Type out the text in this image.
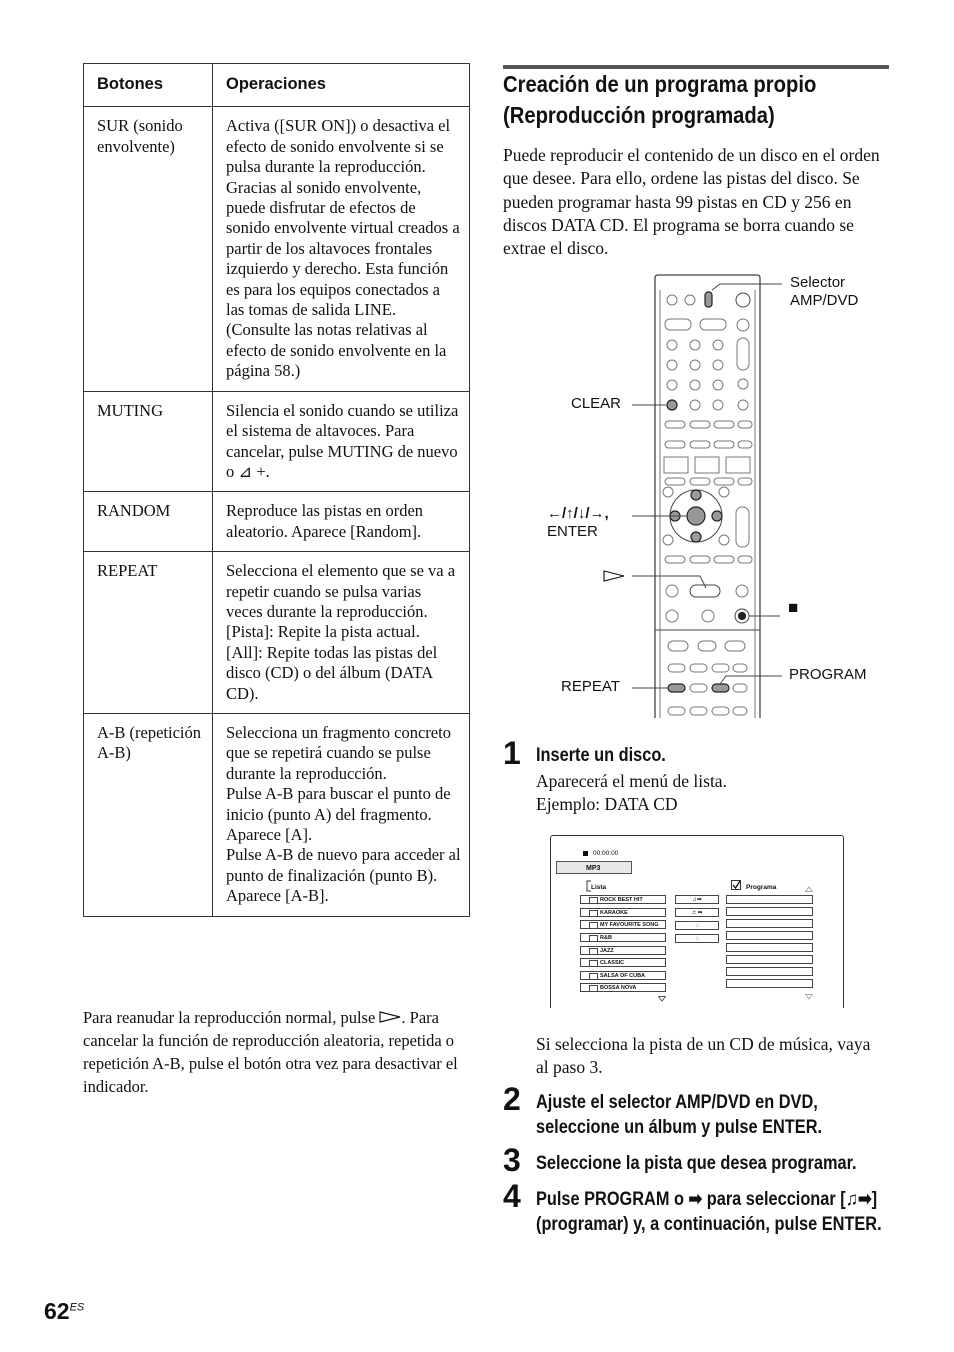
Botones	Operaciones
SUR (sonido envolvente)	Activa ([SUR ON]) o desactiva el efecto de sonido envolvente si se pulsa durante la reproducción. Gracias al sonido envolvente, puede disfrutar de efectos de sonido envolvente virtual creados a partir de los altavoces frontales izquierdo y derecho. Esta función es para los equipos conectados a las tomas de salida LINE. (Consulte las notas relativas al efecto de sonido envolvente en la página 58.)
MUTING	Silencia el sonido cuando se utiliza el sistema de altavoces. Para cancelar, pulse MUTING de nuevo o ⊿ +.
RANDOM	Reproduce las pistas en orden aleatorio. Aparece [Random].
REPEAT	Selecciona el elemento que se va a repetir cuando se pulsa varias veces durante la reproducción.
[Pista]: Repite la pista actual.
[All]: Repite todas las pistas del disco (CD) o del álbum (DATA CD).
A-B (repetición A-B)	Selecciona un fragmento concreto que se repetirá cuando se pulse durante la reproducción.
Pulse A-B para buscar el punto de inicio (punto A) del fragmento. Aparece [A].
Pulse A-B de nuevo para acceder al punto de finalización (punto B). Aparece [A-B].
Para reanudar la reproducción normal, pulse . Para cancelar la función de reproducción aleatoria, repetida o repetición A-B, pulse el botón otra vez para desactivar el indicador.
Creación de un programa propio (Reproducción programada)
Puede reproducir el contenido de un disco en el orden que desee. Para ello, ordene las pistas del disco. Se pueden programar hasta 99 pistas en CD y 256 en discos DATA CD. El programa se borra cuando se extrae el disco.
Selector
AMP/DVD
CLEAR
←/↑/↓/→,
ENTER
■
REPEAT
PROGRAM
1 Inserte un disco.
Aparecerá el menú de lista.
Ejemplo: DATA CD
00:00:00
MP3
Lista	Programa
ROCK BEST HIT
KARAOKE
MY FAVOURITE SONG
R&B
JAZZ
CLASSIC
SALSA OF CUBA
BOSSA NOVA
♫➡
♬➡
♫
♫
Si selecciona la pista de un CD de música, vaya al paso 3.
2 Ajuste el selector AMP/DVD en DVD, seleccione un álbum y pulse ENTER.
3 Seleccione la pista que desea programar.
4 Pulse PROGRAM o ➡ para seleccionar [♫➡] (programar) y, a continuación, pulse ENTER.
$62^{ES}$
